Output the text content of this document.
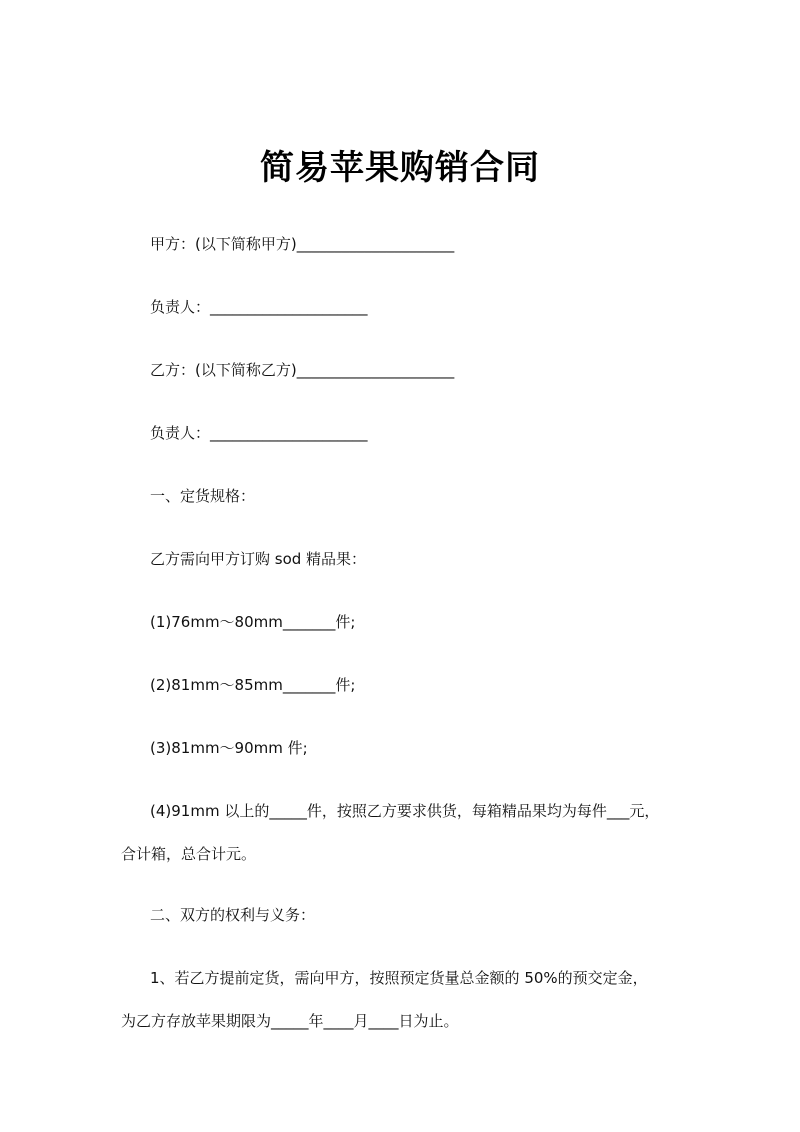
简易苹果购销合同
甲方：(以下简称甲方)_____________________
负责人：_____________________
乙方：(以下简称乙方)_____________________
负责人：_____________________
一、定货规格：
乙方需向甲方订购 sod 精品果：
(1)76mm～80mm_______件;
(2)81mm～85mm_______件;
(3)81mm～90mm 件;
(4)91mm 以上的_____件，按照乙方要求供货，每箱精品果均为每件___元，
合计箱，总合计元。
二、双方的权利与义务：
1、若乙方提前定货，需向甲方，按照预定货量总金额的 50%的预交定金，
为乙方存放苹果期限为_____年____月____日为止。
